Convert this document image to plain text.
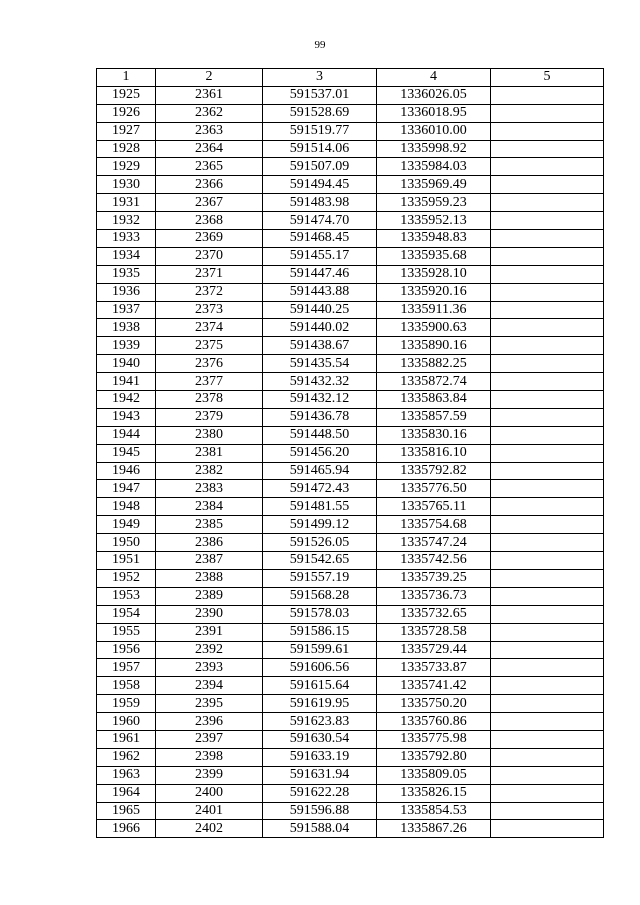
99
1	2	3	4	5
1925	2361	591537.01	1336026.05	
1926	2362	591528.69	1336018.95	
1927	2363	591519.77	1336010.00	
1928	2364	591514.06	1335998.92	
1929	2365	591507.09	1335984.03	
1930	2366	591494.45	1335969.49	
1931	2367	591483.98	1335959.23	
1932	2368	591474.70	1335952.13	
1933	2369	591468.45	1335948.83	
1934	2370	591455.17	1335935.68	
1935	2371	591447.46	1335928.10	
1936	2372	591443.88	1335920.16	
1937	2373	591440.25	1335911.36	
1938	2374	591440.02	1335900.63	
1939	2375	591438.67	1335890.16	
1940	2376	591435.54	1335882.25	
1941	2377	591432.32	1335872.74	
1942	2378	591432.12	1335863.84	
1943	2379	591436.78	1335857.59	
1944	2380	591448.50	1335830.16	
1945	2381	591456.20	1335816.10	
1946	2382	591465.94	1335792.82	
1947	2383	591472.43	1335776.50	
1948	2384	591481.55	1335765.11	
1949	2385	591499.12	1335754.68	
1950	2386	591526.05	1335747.24	
1951	2387	591542.65	1335742.56	
1952	2388	591557.19	1335739.25	
1953	2389	591568.28	1335736.73	
1954	2390	591578.03	1335732.65	
1955	2391	591586.15	1335728.58	
1956	2392	591599.61	1335729.44	
1957	2393	591606.56	1335733.87	
1958	2394	591615.64	1335741.42	
1959	2395	591619.95	1335750.20	
1960	2396	591623.83	1335760.86	
1961	2397	591630.54	1335775.98	
1962	2398	591633.19	1335792.80	
1963	2399	591631.94	1335809.05	
1964	2400	591622.28	1335826.15	
1965	2401	591596.88	1335854.53	
1966	2402	591588.04	1335867.26	
